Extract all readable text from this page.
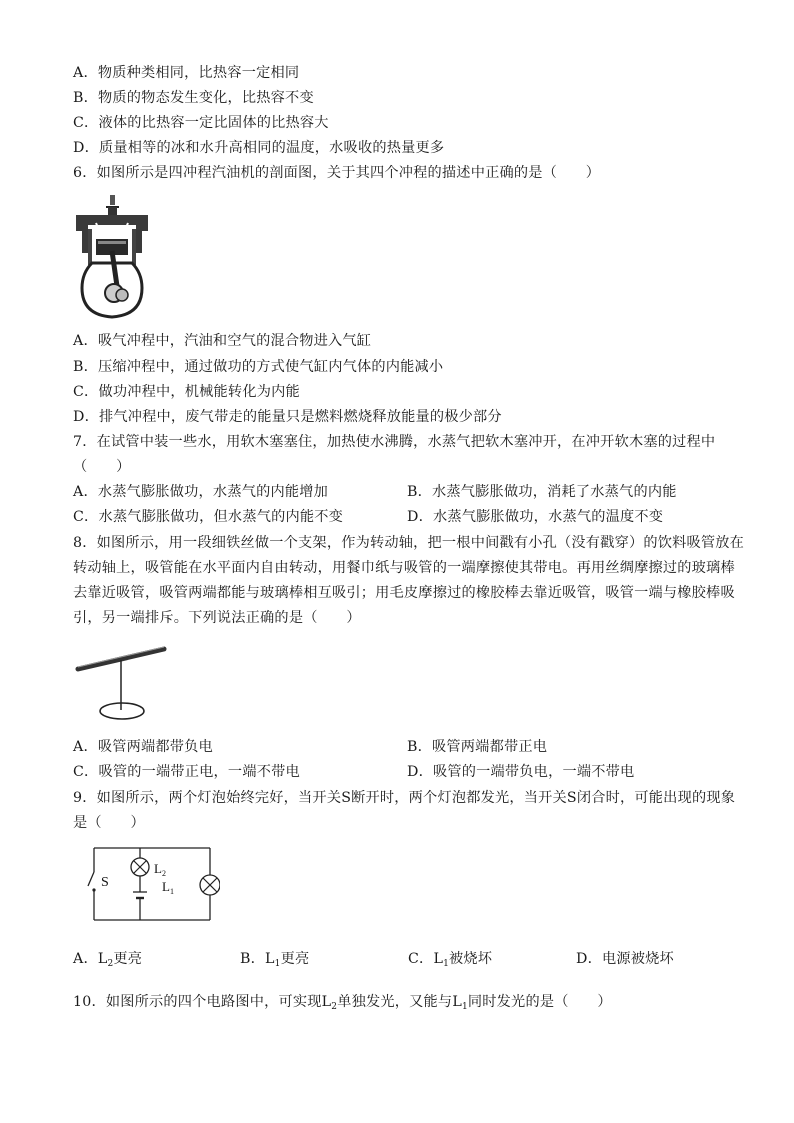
A．物质种类相同，比热容一定相同
B．物质的物态发生变化，比热容不变
C．液体的比热容一定比固体的比热容大
D．质量相等的冰和水升高相同的温度，水吸收的热量更多
6．如图所示是四冲程汽油机的剖面图，关于其四个冲程的描述中正确的是（　　）
A．吸气冲程中，汽油和空气的混合物进入气缸
B．压缩冲程中，通过做功的方式使气缸内气体的内能减小
C．做功冲程中，机械能转化为内能
D．排气冲程中，废气带走的能量只是燃料燃烧释放能量的极少部分
7．在试管中装一些水，用软木塞塞住，加热使水沸腾，水蒸气把软木塞冲开，在冲开软木塞的过程中
（　　）
A．水蒸气膨胀做功，水蒸气的内能增加	B．水蒸气膨胀做功，消耗了水蒸气的内能
C．水蒸气膨胀做功，但水蒸气的内能不变	D．水蒸气膨胀做功，水蒸气的温度不变
8．如图所示，用一段细铁丝做一个支架，作为转动轴，把一根中间戳有小孔（没有戳穿）的饮料吸管放在
转动轴上，吸管能在水平面内自由转动，用餐巾纸与吸管的一端摩擦使其带电。再用丝绸摩擦过的玻璃棒
去靠近吸管，吸管两端都能与玻璃棒相互吸引；用毛皮摩擦过的橡胶棒去靠近吸管，吸管一端与橡胶棒吸
引，另一端排斥。下列说法正确的是（　　）
A．吸管两端都带负电	B．吸管两端都带正电
C．吸管的一端带正电，一端不带电	D．吸管的一端带负电，一端不带电
9．如图所示，两个灯泡始终完好，当开关S断开时，两个灯泡都发光，当开关S闭合时，可能出现的现象
是（　　）
S
L 2
L 1
A．$L_2$更亮	B．$L_1$更亮	C．$L_1$被烧坏	D．电源被烧坏
10．如图所示的四个电路图中，可实现$L_2$单独发光，又能与$L_1$同时发光的是（　　）
